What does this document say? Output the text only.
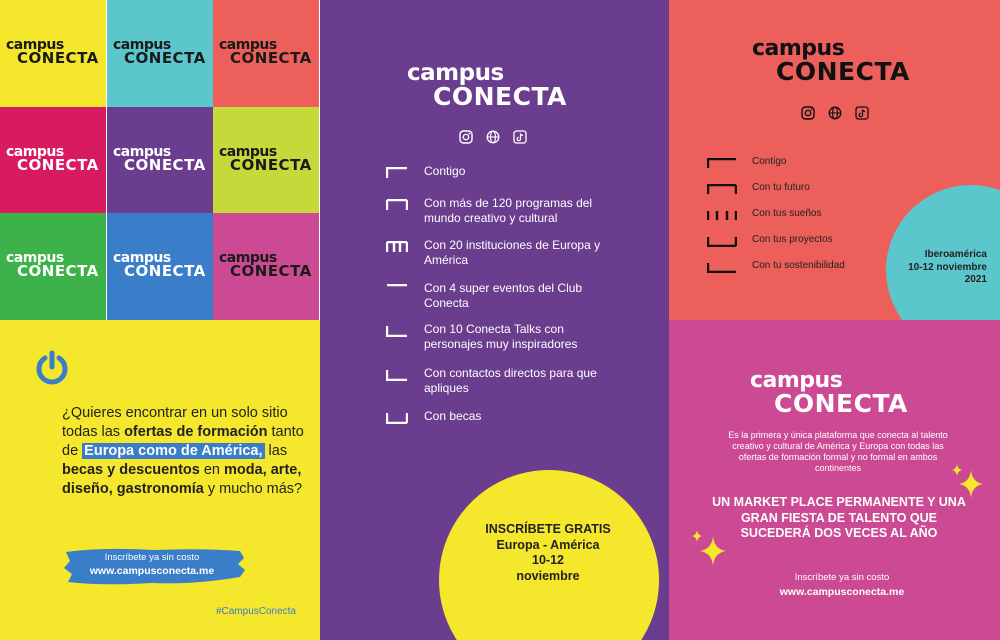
campus
CONECTA
campus
CONECTA
campus
CONECTA
campus
CONECTA
campus
CONECTA
campus
CONECTA
campus
CONECTA
campus
CONECTA
campus
CONECTA

¿Quieres encontrar en un solo sitio todas las ofertas de formación tanto de Europa como de América, las becas y descuentos en moda, arte, diseño, gastronomía y mucho más?

Inscríbete ya sin costo
www.campusconecta.me
#CampusConecta
campus
CONECTA
Contigo
Con más de 120 programas del mundo creativo y cultural
Con 20 instituciones de Europa y América
Con 4 super eventos del Club Conecta
Con 10 Conecta Talks con personajes muy inspiradores
Con contactos directos para que apliques
Con becas
INSCRÍBETE GRATIS
Europa - América
10-12
noviembre
campus
CONECTA
Iberoamérica
10-12 noviembre
2021
Contigo
Con tu futuro
Con tus sueños
Con tus proyectos
Con tu sostenibilidad
campus
CONECTA

Es la primera y única plataforma que conecta al talento creativo y cultural de América y Europa con todas las ofertas de formación formal y no formal en ambos continentes

UN MARKET PLACE PERMANENTE Y UNA GRAN FIESTA DE TALENTO QUE SUCEDERÁ DOS VECES AL AÑO
Inscríbete ya sin costo
www.campusconecta.me
